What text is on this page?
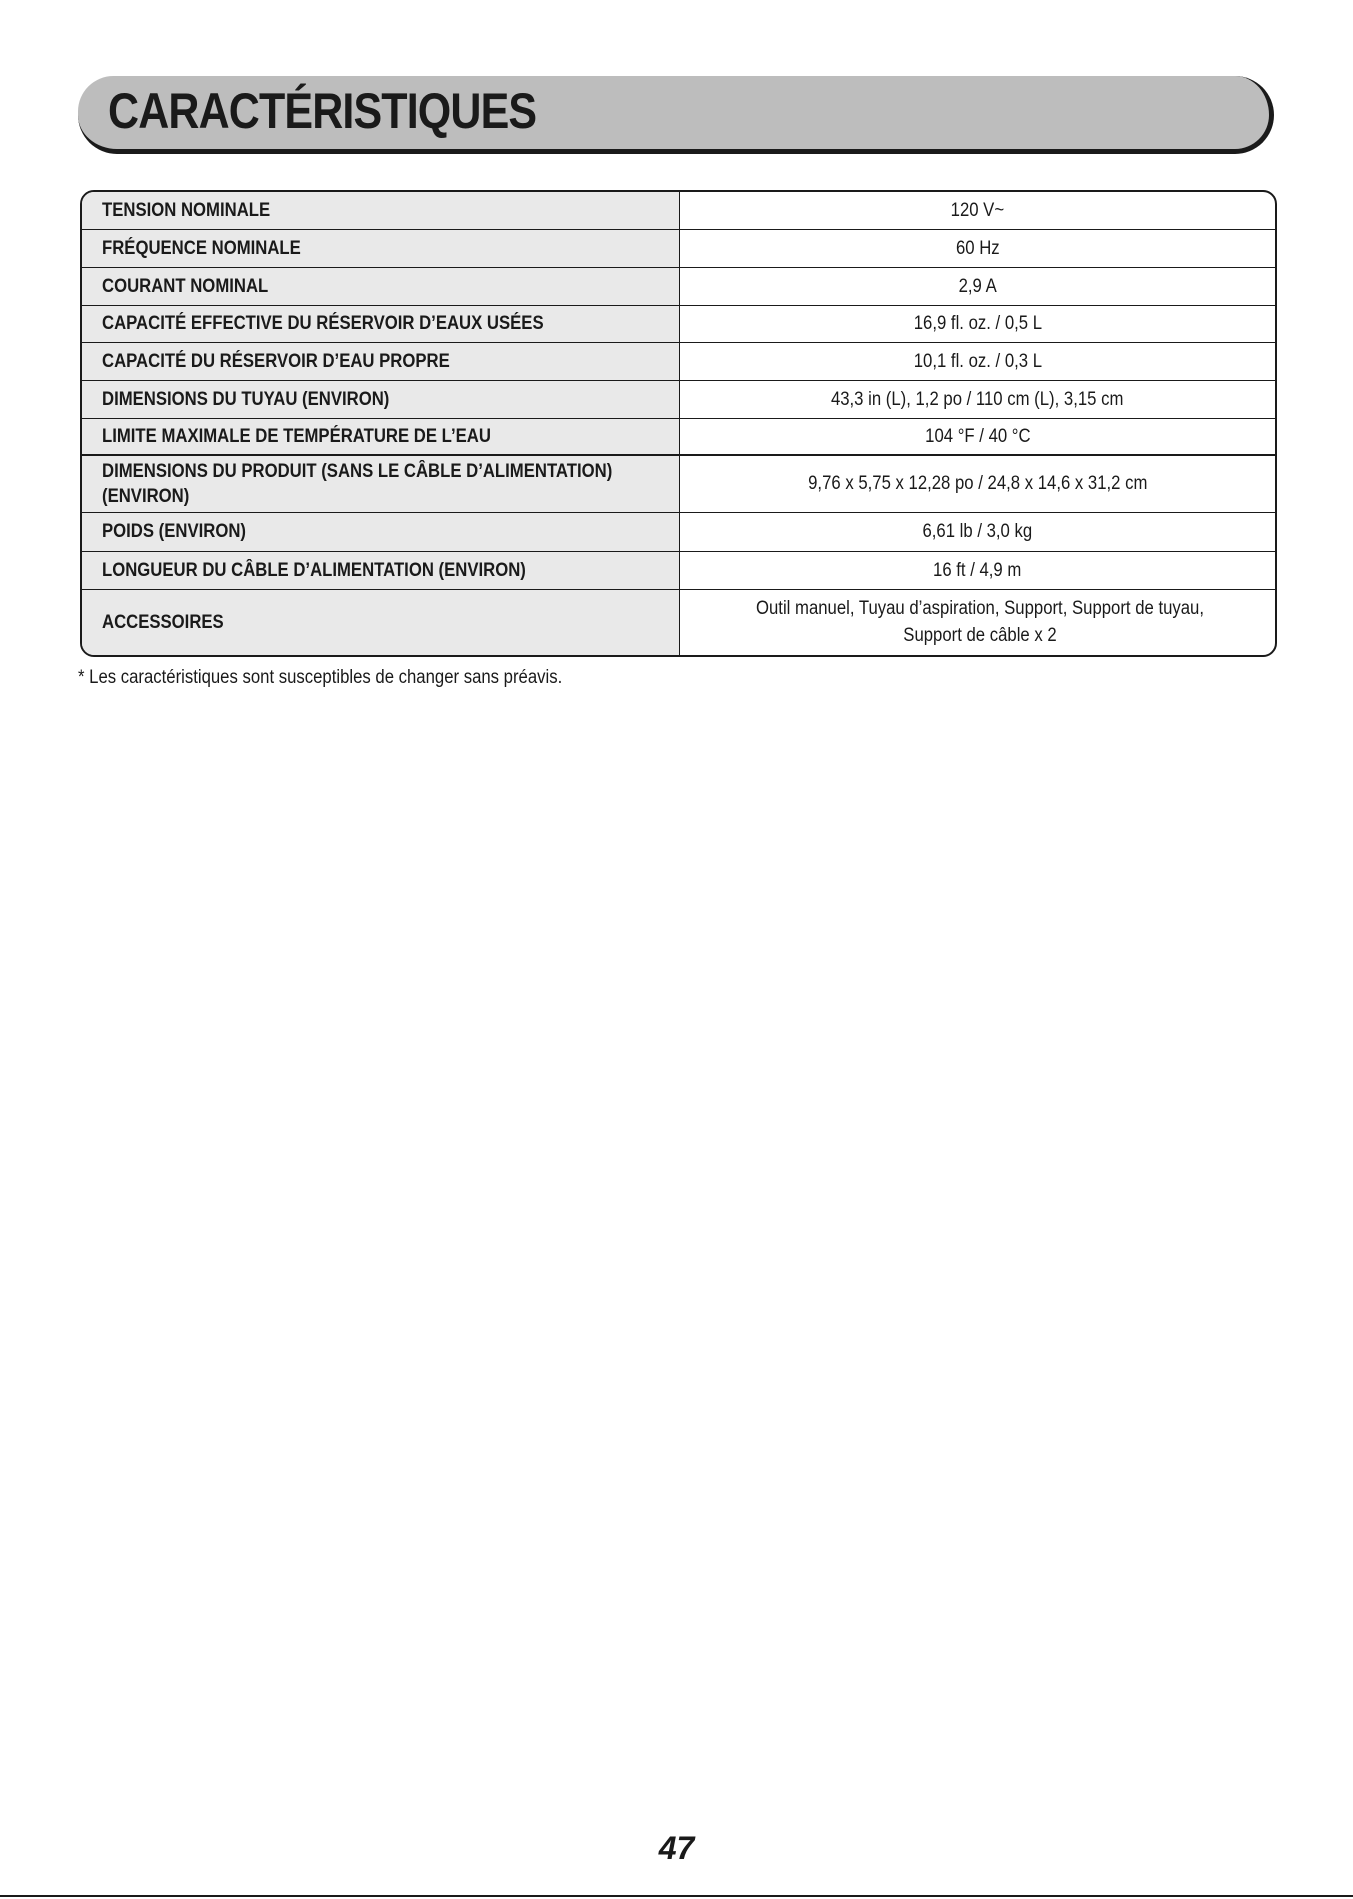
CARACTÉRISTIQUES
TENSION NOMINALE	120 V~
FRÉQUENCE NOMINALE	60 Hz
COURANT NOMINAL	2,9 A
CAPACITÉ EFFECTIVE DU RÉSERVOIR D’EAUX USÉES	16,9 fl. oz. / 0,5 L
CAPACITÉ DU RÉSERVOIR D’EAU PROPRE	10,1 fl. oz. / 0,3 L
DIMENSIONS DU TUYAU (ENVIRON)	43,3 in (L), 1,2 po / 110 cm (L), 3,15 cm
LIMITE MAXIMALE DE TEMPÉRATURE DE L’EAU	104 °F / 40 °C
DIMENSIONS DU PRODUIT (SANS LE CÂBLE D’ALIMENTATION) (ENVIRON)	9,76 x 5,75 x 12,28 po / 24,8 x 14,6 x 31,2 cm
POIDS (ENVIRON)	6,61 lb / 3,0 kg
LONGUEUR DU CÂBLE D’ALIMENTATION (ENVIRON)	16 ft / 4,9 m
ACCESSOIRES	Outil manuel, Tuyau d’aspiration, Support, Support de tuyau, Support de câble x 2
* Les caractéristiques sont susceptibles de changer sans préavis.
47
